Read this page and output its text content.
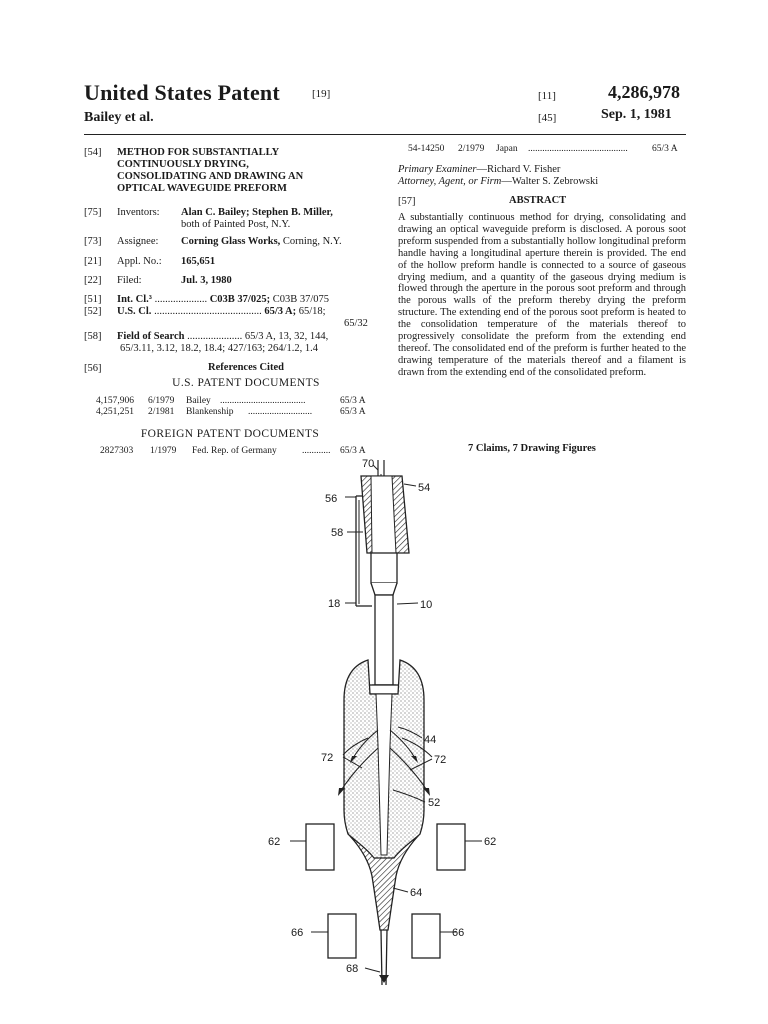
United States Patent	[19]
Bailey et al.
[11]	4,286,978
[45]	Sep. 1, 1981
[54] METHOD FOR SUBSTANTIALLY
CONTINUOUSLY DRYING,
CONSOLIDATING AND DRAWING AN
OPTICAL WAVEGUIDE PREFORM
[75] Inventors: Alan C. Bailey; Stephen B. Miller,
both of Painted Post, N.Y.
[73] Assignee: Corning Glass Works, Corning, N.Y.
[21] Appl. No.: 165,651
[22] Filed:	Jul. 3, 1980
[51] Int. Cl.³ .................... C03B 37/025; C03B 37/075
[52] U.S. Cl. ......................................... 65/3 A; 65/18;
65/32
[58] Field of Search ..................... 65/3 A, 13, 32, 144,
65/3.11, 3.12, 18.2, 18.4; 427/163; 264/1.2, 1.4
[56]	References Cited
U.S. PATENT DOCUMENTS
4,157,906 6/1979 Bailey ....................................	65/3 A
4,251,251 2/1981 Blankenship ...........................	65/3 A
FOREIGN PATENT DOCUMENTS
2827303 1/1979 Fed. Rep. of Germany	............ 65/3 A
54-14250 2/1979 Japan ..........................................	65/3 A
Primary Examiner—Richard V. Fisher
Attorney, Agent, or Firm—Walter S. Zebrowski
[57]	ABSTRACT
A substantially continuous method for drying, consolidating and drawing an optical waveguide preform is disclosed. A porous soot preform suspended from a substantially hollow longitudinal preform handle having a longitudinal aperture therein is provided. The end of the hollow preform handle is connected to a source of gaseous drying medium, and a quantity of the gaseous drying medium is flowed through the aperture in the porous soot preform and through the porous walls of the preform thereby drying the preform structure. The extending end of the porous soot preform is heated to the consolidation temperature of the materials thereof to progressively consolidate the preform from the extending end thereof. The consolidated end of the preform is further heated to the drawing temperature of the materials thereof and a filament is drawn from the extending end of the consolidated preform.
7 Claims, 7 Drawing Figures
70
54
56
58
18	10
44
72	72
52
62	62
64
66	66
68
